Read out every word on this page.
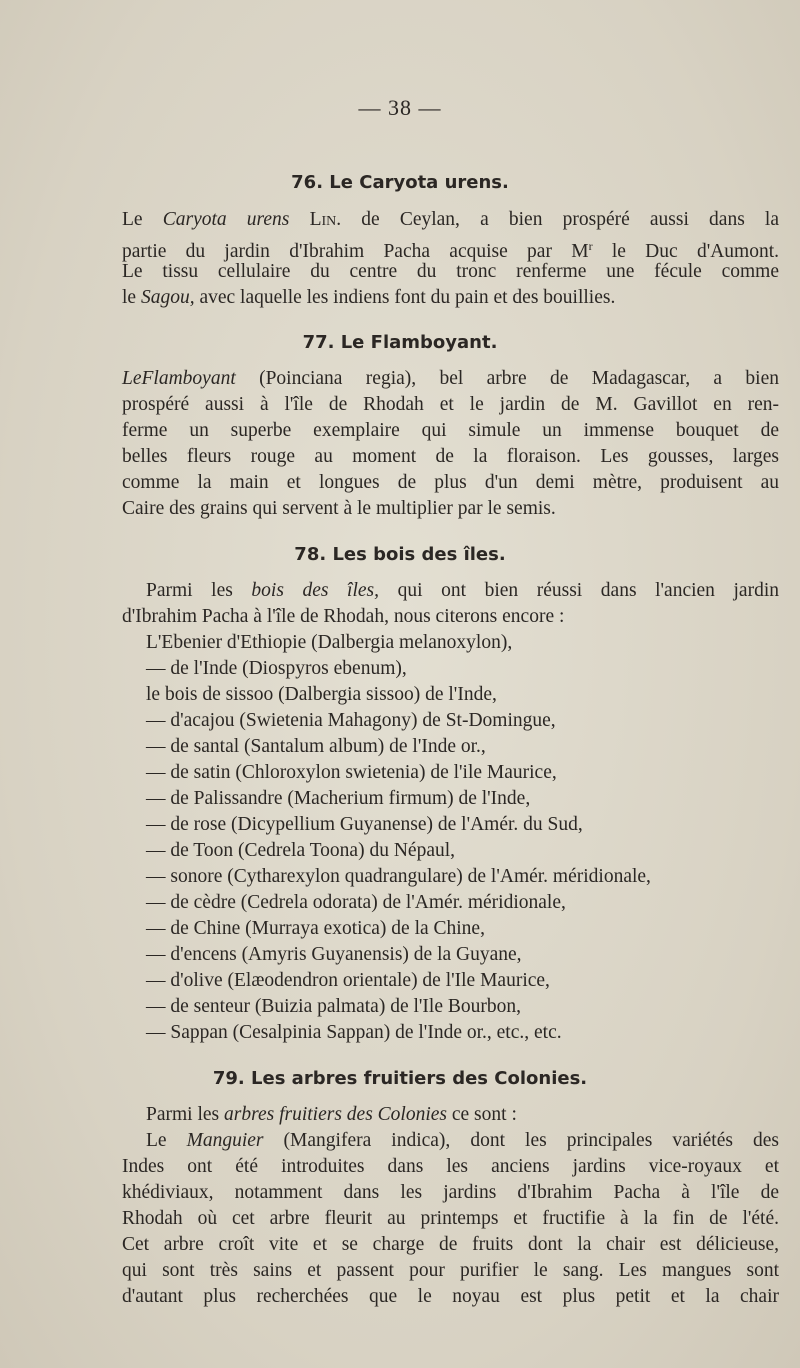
— 38 —
76. Le Caryota urens.
Le Caryota urens Lin. de Ceylan, a bien prospéré aussi dans la
partie du jardin d'Ibrahim Pacha acquise par $M^r$ le Duc d'Aumont.
Le tissu cellulaire du centre du tronc renferme une fécule comme
le Sagou, avec laquelle les indiens font du pain et des bouillies.
77. Le Flamboyant.
LeFlamboyant (Poinciana regia), bel arbre de Madagascar, a bien
prospéré aussi à l'île de Rhodah et le jardin de M. Gavillot en ren-
ferme un superbe exemplaire qui simule un immense bouquet de
belles fleurs rouge au moment de la floraison. Les gousses, larges
comme la main et longues de plus d'un demi mètre, produisent au
Caire des grains qui servent à le multiplier par le semis.
78. Les bois des îles.
Parmi les bois des îles, qui ont bien réussi dans l'ancien jardin
d'Ibrahim Pacha à l'île de Rhodah, nous citerons encore :
L'Ebenier d'Ethiopie (Dalbergia melanoxylon),
— de l'Inde (Diospyros ebenum),
le bois de sissoo (Dalbergia sissoo) de l'Inde,
— d'acajou (Swietenia Mahagony) de St-Domingue,
— de santal (Santalum album) de l'Inde or.,
— de satin (Chloroxylon swietenia) de l'ile Maurice,
— de Palissandre (Macherium firmum) de l'Inde,
— de rose (Dicypellium Guyanense) de l'Amér. du Sud,
— de Toon (Cedrela Toona) du Népaul,
— sonore (Cytharexylon quadrangulare) de l'Amér. méridionale,
— de cèdre (Cedrela odorata) de l'Amér. méridionale,
— de Chine (Murraya exotica) de la Chine,
— d'encens (Amyris Guyanensis) de la Guyane,
— d'olive (Elæodendron orientale) de l'Ile Maurice,
— de senteur (Buizia palmata) de l'Ile Bourbon,
— Sappan (Cesalpinia Sappan) de l'Inde or., etc., etc.
79. Les arbres fruitiers des Colonies.
Parmi les arbres fruitiers des Colonies ce sont :
Le Manguier (Mangifera indica), dont les principales variétés des
Indes ont été introduites dans les anciens jardins vice-royaux et
khédiviaux, notamment dans les jardins d'Ibrahim Pacha à l'île de
Rhodah où cet arbre fleurit au printemps et fructifie à la fin de l'été.
Cet arbre croît vite et se charge de fruits dont la chair est délicieuse,
qui sont très sains et passent pour purifier le sang. Les mangues sont
d'autant plus recherchées que le noyau est plus petit et la chair
